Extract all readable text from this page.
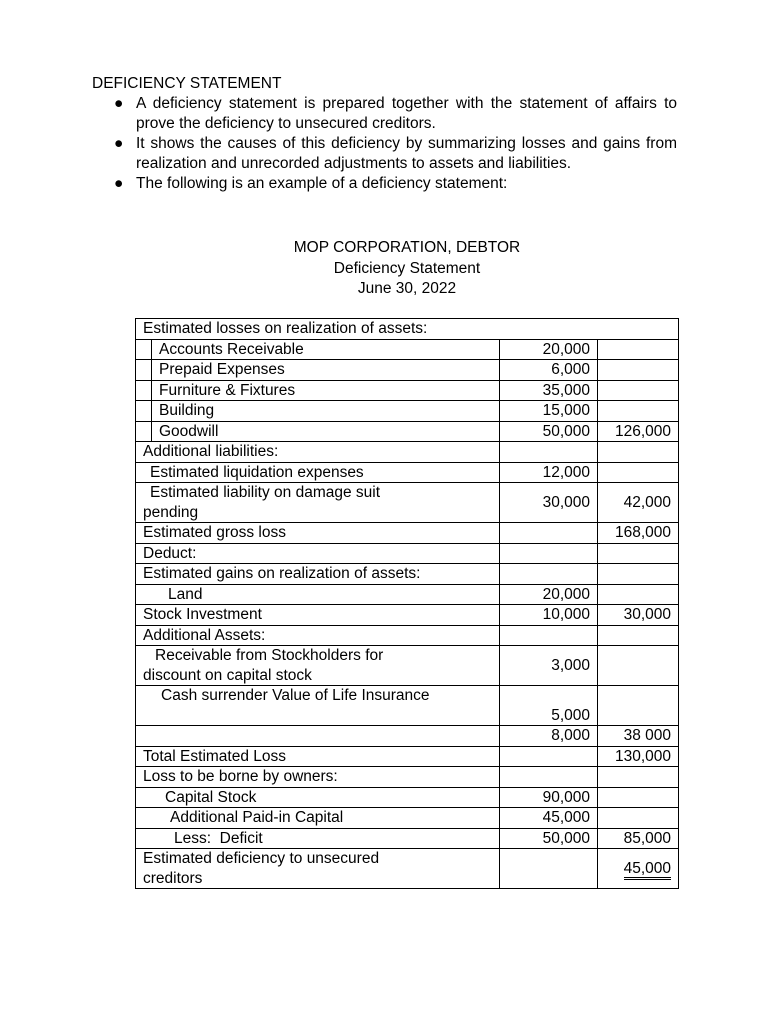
DEFICIENCY STATEMENT
● A deficiency statement is prepared together with the statement of affairs to prove the deficiency to unsecured creditors.
● It shows the causes of this deficiency by summarizing losses and gains from realization and unrecorded adjustments to assets and liabilities.
● The following is an example of a deficiency statement:
MOP CORPORATION, DEBTOR
Deficiency Statement
June 30, 2022
Estimated losses on realization of assets:			
	Accounts Receivable	20,000	
	Prepaid Expenses	6,000	
	Furniture & Fixtures	35,000	
	Building	15,000	
	Goodwill	50,000	126,000
Additional liabilities:			
Estimated liquidation expenses		12,000	

Estimated liability on damage suit
pending		30,000	42,000
Estimated gross loss			168,000
Deduct:			
Estimated gains on realization of assets:			
Land		20,000	
Stock Investment		10,000	30,000
Additional Assets:			

Receivable from Stockholders for
discount on capital stock		3,000	
Cash surrender Value of Life Insurance		5,000	
		8,000	38 000
Total Estimated Loss			130,000
Loss to be borne by owners:			
Capital Stock		90,000	
Additional Paid-in Capital		45,000	
Less:  Deficit		50,000	85,000

Estimated deficiency to unsecured
creditors			45,000
